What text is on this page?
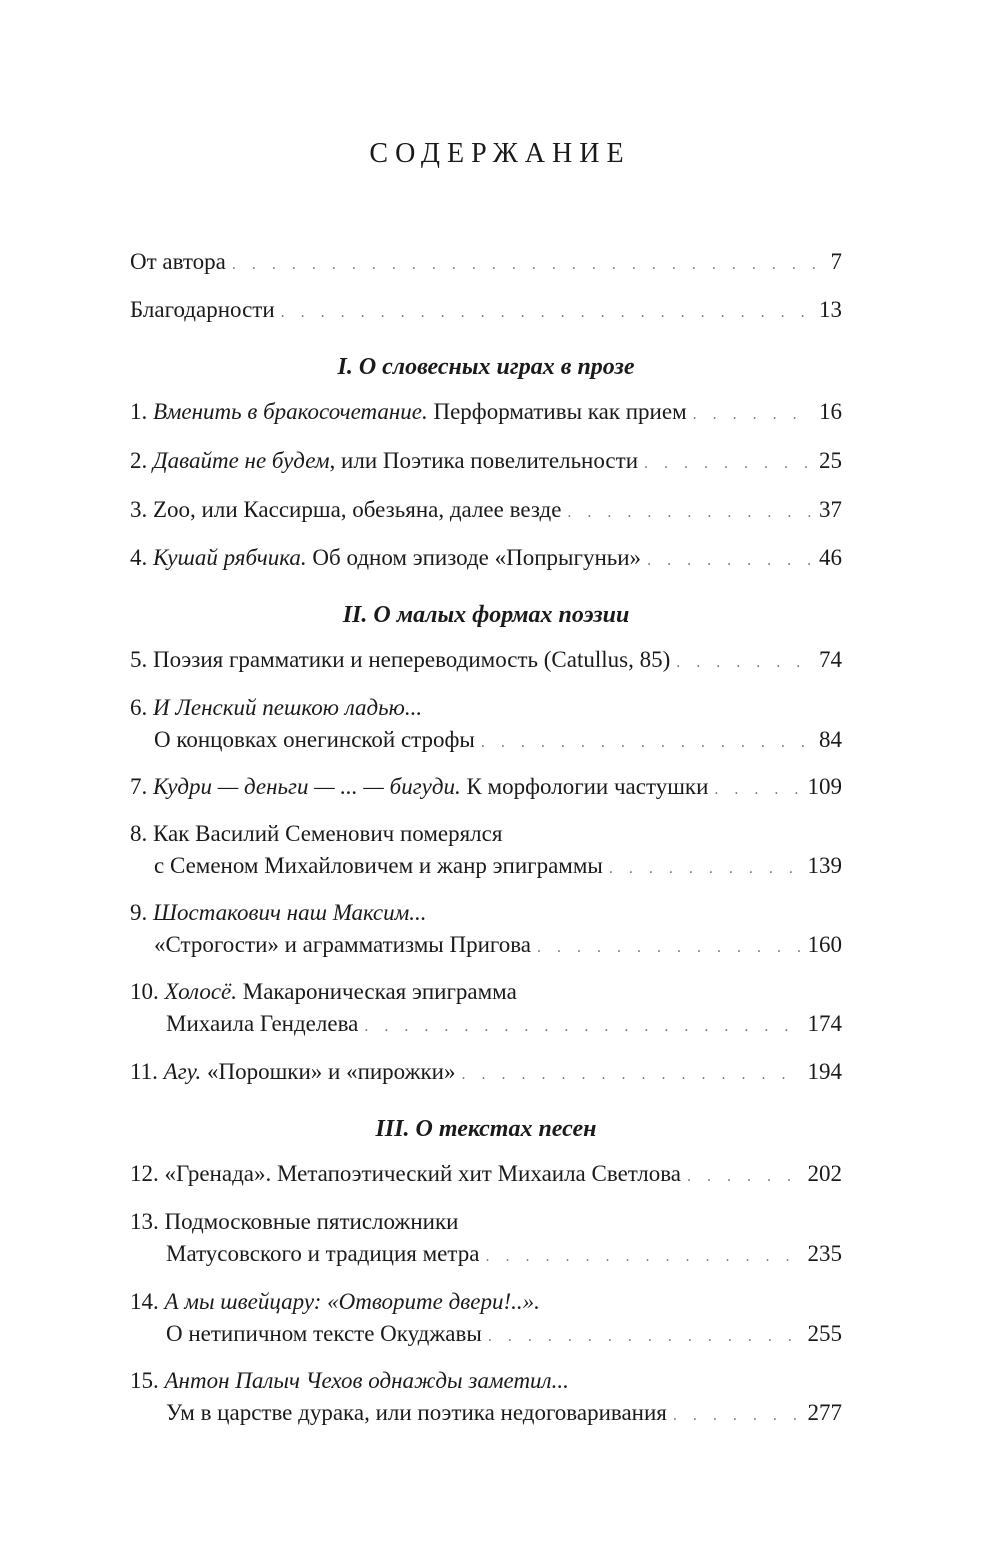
СОДЕРЖАНИЕ
От автора . . .	7
Благодарности . . .	13
I. О словесных играх в прозе
1. Вменить в бракосочетание. Перформативы как прием . . .	16
2. Давайте не будем, или Поэтика повелительности . . .	25
3. Zoo, или Кассирша, обезьяна, далее везде . . .	37
4. Кушай рябчика. Об одном эпизоде «Попрыгуньи» . . .	46
II. О малых формах поэзии
5. Поэзия грамматики и непереводимость (Catullus, 85) . . .	74
6. И Ленский пешкою ладью...
О концовках онегинской строфы . . .	84
7. Кудри — деньги — ... — бигуди. К морфологии частушки . . .	109
8. Как Василий Семенович померялся
с Семеном Михайловичем и жанр эпиграммы . . .	139
9. Шостакович наш Максим...
«Строгости» и аграмматизмы Пригова . . .	160
10. Холосё. Макароническая эпиграмма
Михаила Генделева . . .	174
11. Агу. «Порошки» и «пирожки» . . .	194
III. О текстах песен
12. «Гренада». Метапоэтический хит Михаила Светлова . . .	202
13. Подмосковные пятисложники
Матусовского и традиция метра . . .	235
14. А мы швейцару: «Отворите двери!..».
О нетипичном тексте Окуджавы . . .	255
15. Антон Палыч Чехов однажды заметил...
Ум в царстве дурака, или поэтика недоговаривания . . .	277
